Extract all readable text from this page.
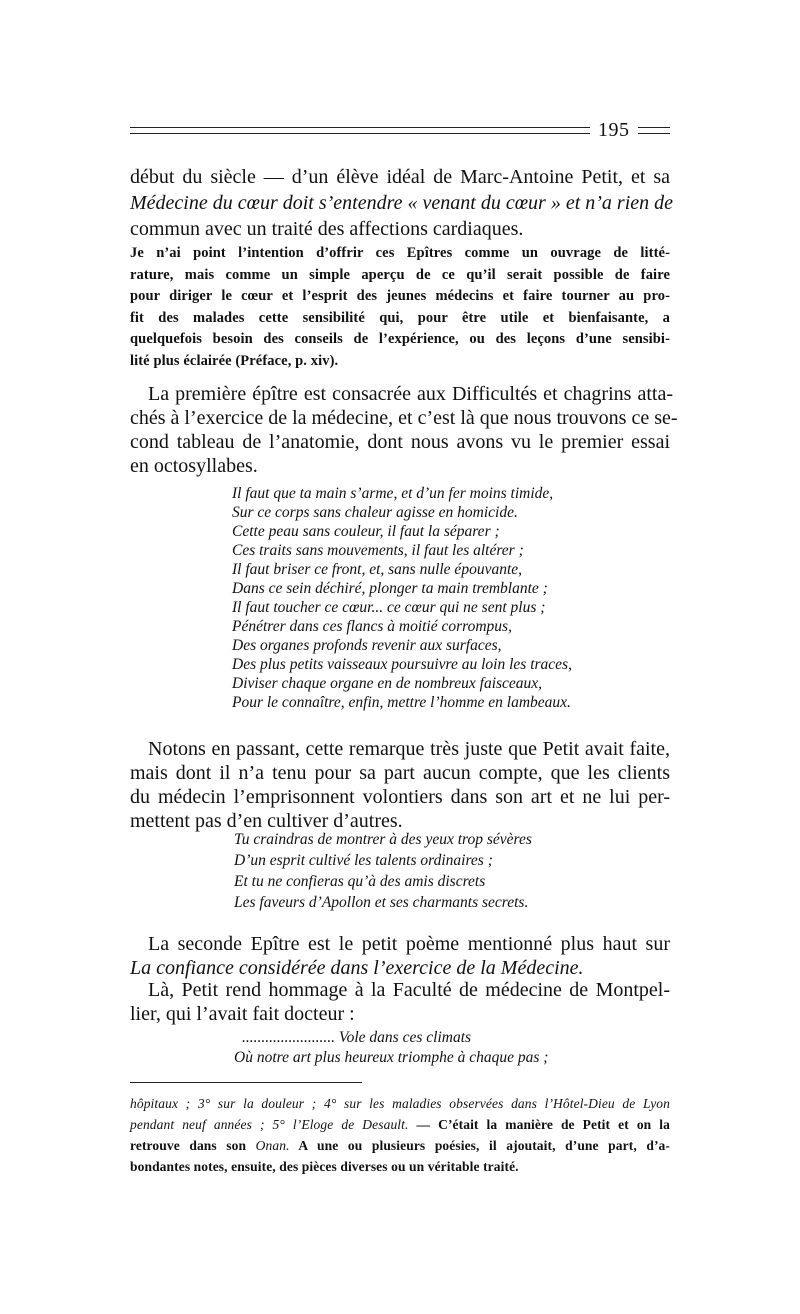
195
début du siècle — d’un élève idéal de Marc-Antoine Petit, et sa
Médecine du cœur doit s’entendre « venant du cœur » et n’a rien de
commun avec un traité des affections cardiaques.
Je n’ai point l’intention d’offrir ces Epîtres comme un ouvrage de litté-
rature, mais comme un simple aperçu de ce qu’il serait possible de faire
pour diriger le cœur et l’esprit des jeunes médecins et faire tourner au pro-
fit des malades cette sensibilité qui, pour être utile et bienfaisante, a
quelquefois besoin des conseils de l’expérience, ou des leçons d’une sensibi-
lité plus éclairée (Préface, p. xiv).
La première épître est consacrée aux Difficultés et chagrins atta-
chés à l’exercice de la médecine, et c’est là que nous trouvons ce se-
cond tableau de l’anatomie, dont nous avons vu le premier essai
en octosyllabes.
Il faut que ta main s’arme, et d’un fer moins timide,
Sur ce corps sans chaleur agisse en homicide.
Cette peau sans couleur, il faut la séparer ;
Ces traits sans mouvements, il faut les altérer ;
Il faut briser ce front, et, sans nulle épouvante,
Dans ce sein déchiré, plonger ta main tremblante ;
Il faut toucher ce cœur... ce cœur qui ne sent plus ;
Pénétrer dans ces flancs à moitié corrompus,
Des organes profonds revenir aux surfaces,
Des plus petits vaisseaux poursuivre au loin les traces,
Diviser chaque organe en de nombreux faisceaux,
Pour le connaître, enfin, mettre l’homme en lambeaux.
Notons en passant, cette remarque très juste que Petit avait faite,
mais dont il n’a tenu pour sa part aucun compte, que les clients
du médecin l’emprisonnent volontiers dans son art et ne lui per-
mettent pas d’en cultiver d’autres.
Tu craindras de montrer à des yeux trop sévères
D’un esprit cultivé les talents ordinaires ;
Et tu ne confieras qu’à des amis discrets
Les faveurs d’Apollon et ses charmants secrets.
La seconde Epître est le petit poème mentionné plus haut sur
La confiance considérée dans l’exercice de la Médecine.
Là, Petit rend hommage à la Faculté de médecine de Montpel-
lier, qui l’avait fait docteur :
........................ Vole dans ces climats
Où notre art plus heureux triomphe à chaque pas ;
hôpitaux ; 3° sur la douleur ; 4° sur les maladies observées dans l’Hôtel-Dieu de Lyon
pendant neuf années ; 5° l’Eloge de Desault. — C’était la manière de Petit et on la
retrouve dans son Onan. A une ou plusieurs poésies, il ajoutait, d’une part, d’a-
bondantes notes, ensuite, des pièces diverses ou un véritable traité.
